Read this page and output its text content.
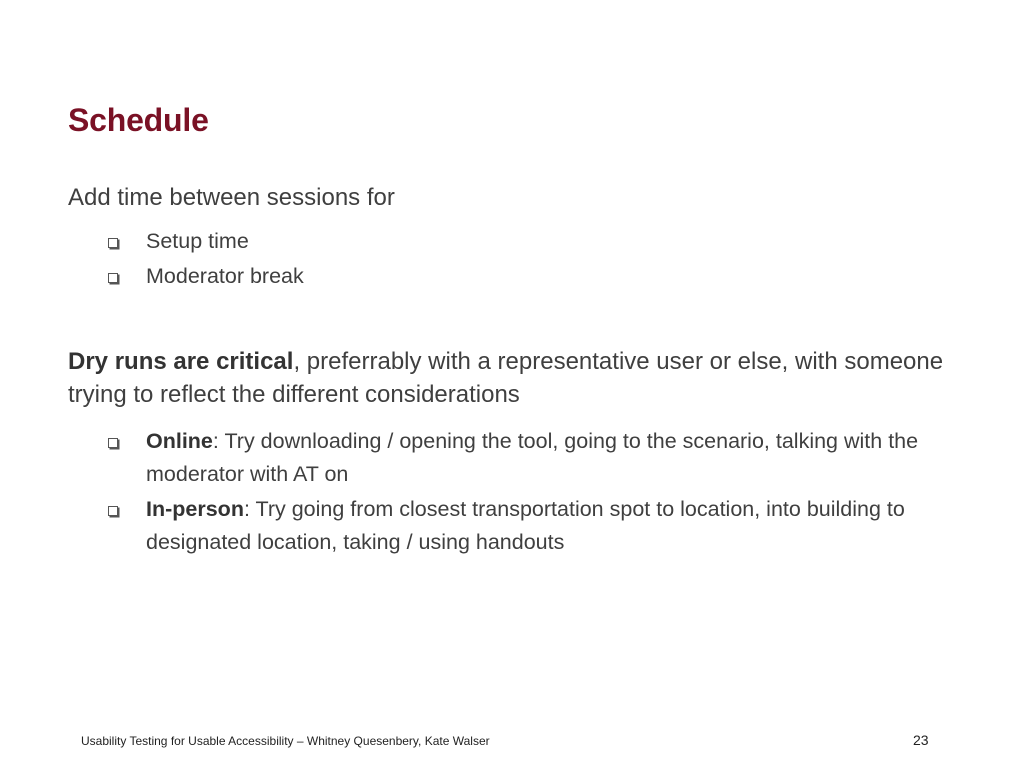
Schedule

Add time between sessions for

Setup time
Moderator break

Dry runs are critical, preferrably with a representative user or else, with someone trying to reflect the different considerations

Online: Try downloading / opening the tool, going to the scenario, talking with the moderator with AT on
In-person: Try going from closest transportation spot to location, into building to designated location, taking / using handouts
Usability Testing for Usable Accessibility – Whitney Quesenbery, Kate Walser	23
